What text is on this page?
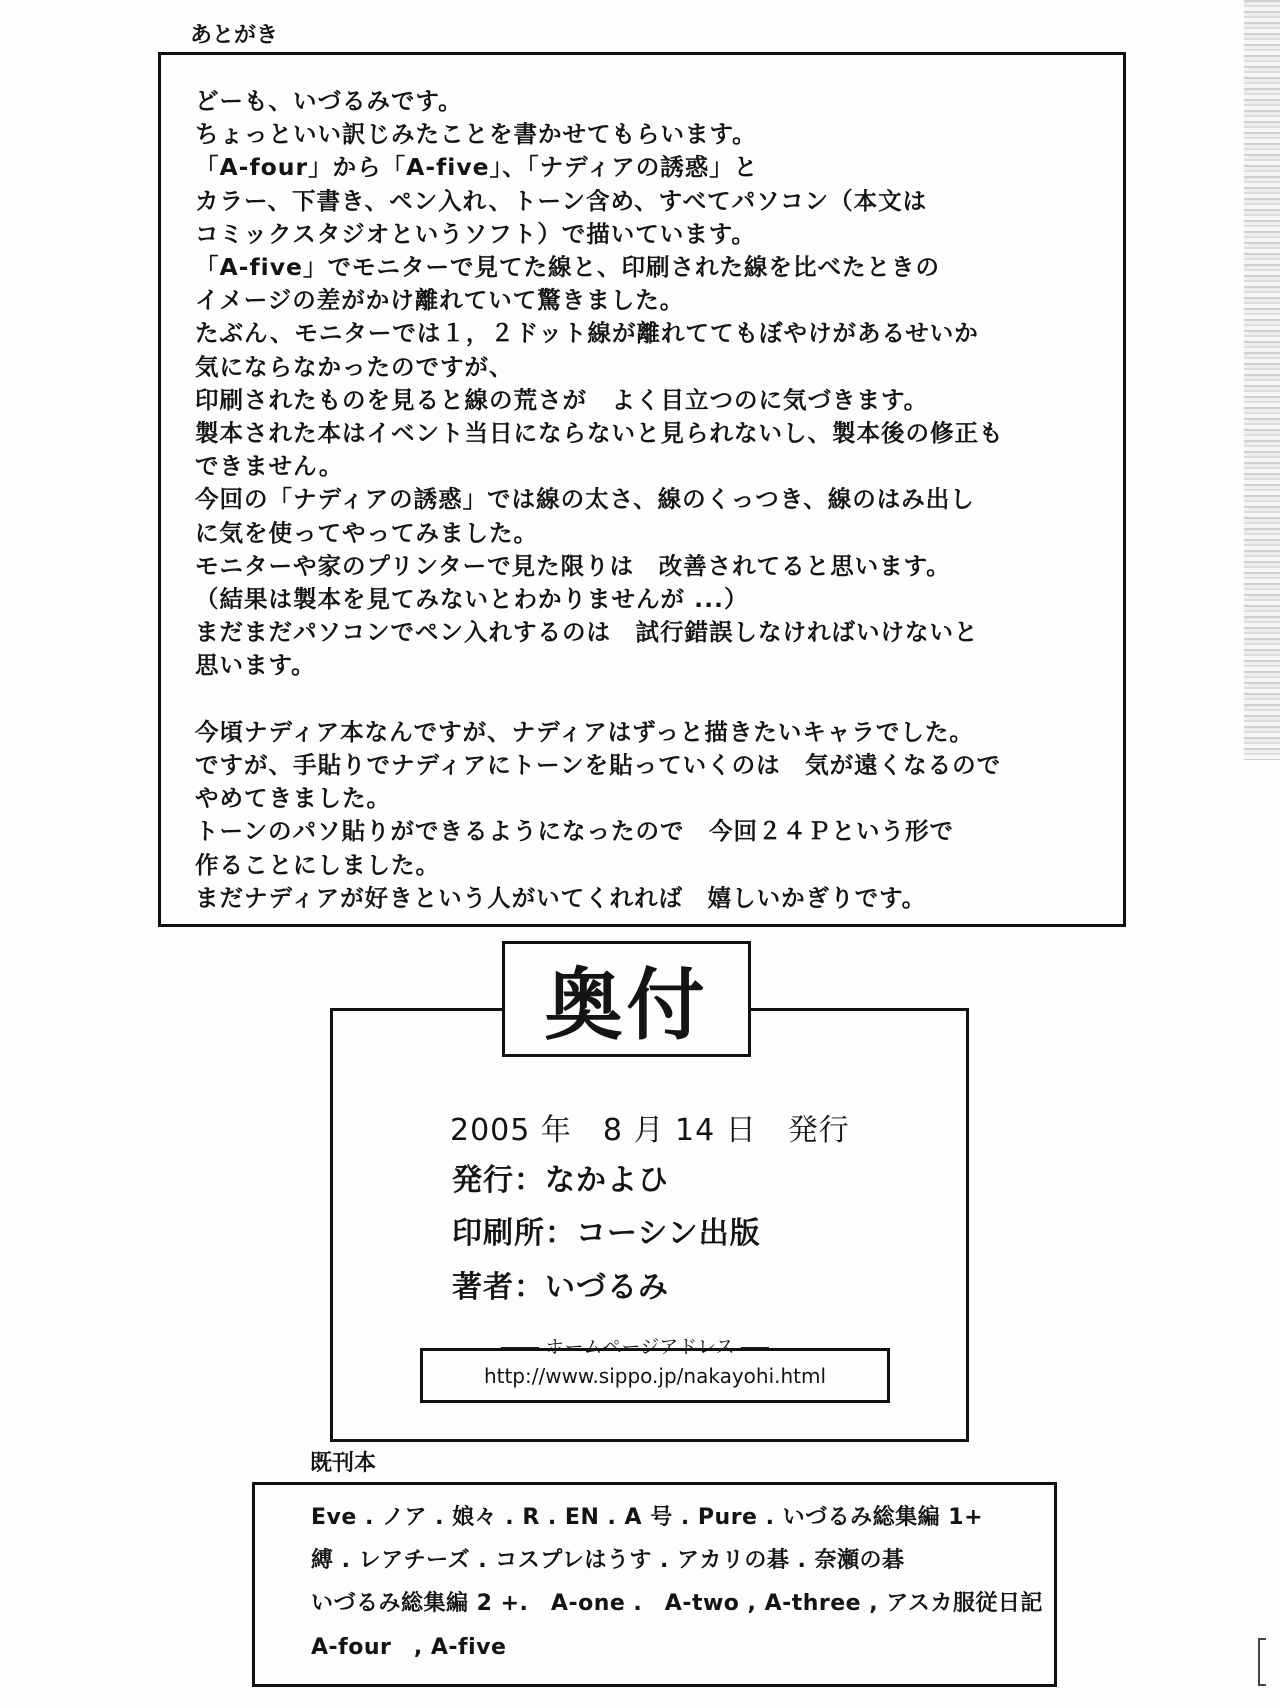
あとがき
どーも、いづるみです。
ちょっといい訳じみたことを書かせてもらいます。
「A-four」から「A-five」、「ナディアの誘惑」と
カラー、下書き、ペン入れ、トーン含め、すべてパソコン（本文は
コミックスタジオというソフト）で描いています。
「A-five」でモニターで見てた線と、印刷された線を比べたときの
イメージの差がかけ離れていて驚きました。
たぶん、モニターでは１，２ドット線が離れててもぼやけがあるせいか
気にならなかったのですが、
印刷されたものを見ると線の荒さが　よく目立つのに気づきます。
製本された本はイベント当日にならないと見られないし、製本後の修正も
できません。
今回の「ナディアの誘惑」では線の太さ、線のくっつき、線のはみ出し
に気を使ってやってみました。
モニターや家のプリンターで見た限りは　改善されてると思います。
（結果は製本を見てみないとわかりませんが ...）
まだまだパソコンでペン入れするのは　試行錯誤しなければいけないと
思います。
今頃ナディア本なんですが、ナディアはずっと描きたいキャラでした。
ですが、手貼りでナディアにトーンを貼っていくのは　気が遠くなるので
やめてきました。
トーンのパソ貼りができるようになったので　今回２４Ｐという形で
作ることにしました。
まだナディアが好きという人がいてくれれば　嬉しいかぎりです。
奥付
2005 年　8 月 14 日　発行
発行：なかよひ
印刷所：コーシン出版
著者：いづるみ
ホームページアドレス
http://www.sippo.jp/nakayohi.html
既刊本
Eve . ノア . 娘々 . R . EN . A 号 . Pure . いづるみ総集編 1+
縛 . レアチーズ . コスプレはうす . アカリの碁 . 奈瀬の碁
いづるみ総集編 2 +.　A-one .　A-two , A-three , アスカ服従日記
A-four　, A-five
